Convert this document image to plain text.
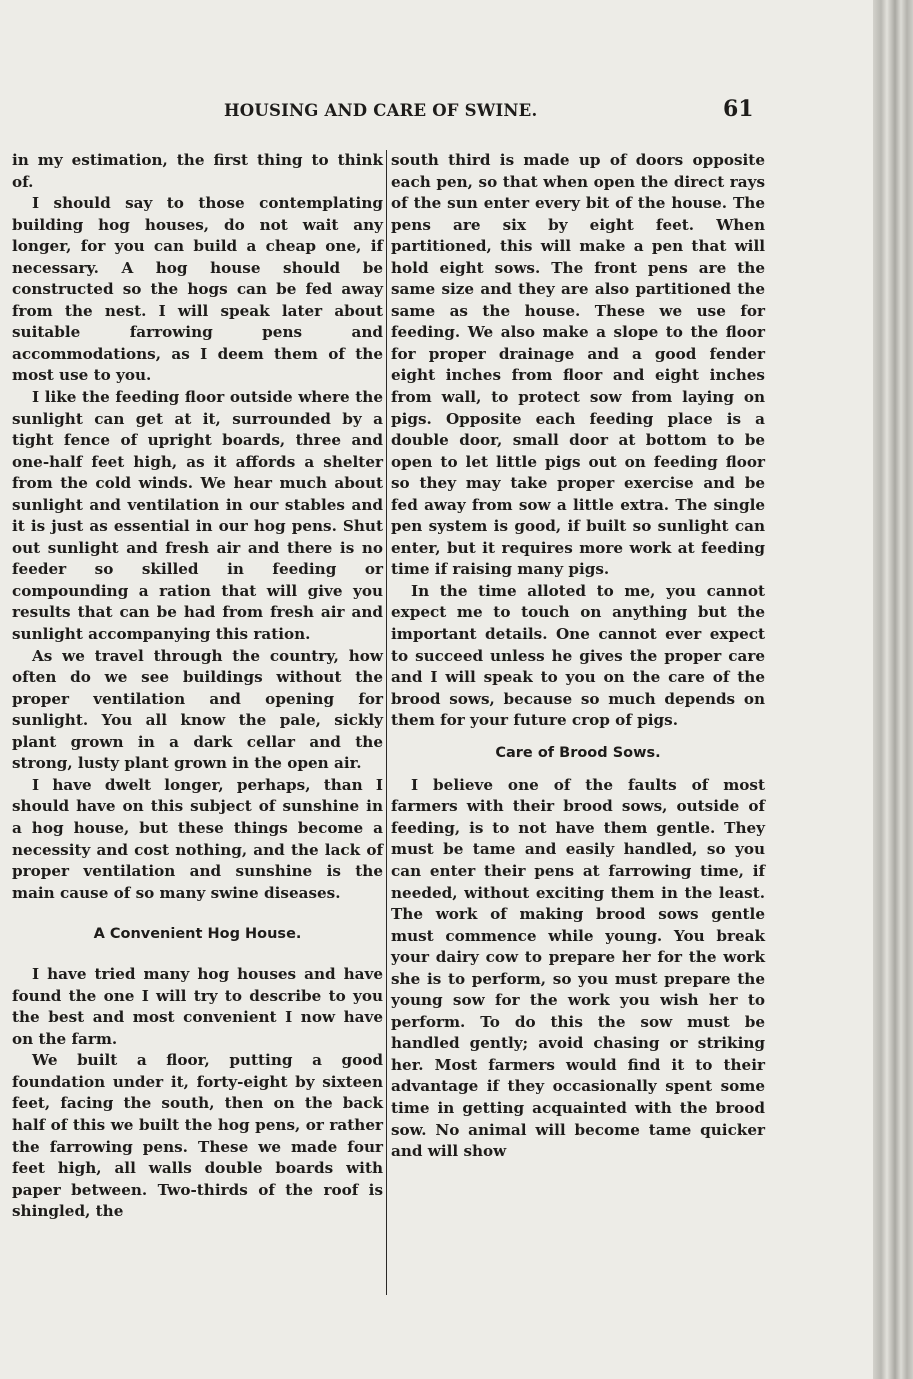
HOUSING AND CARE OF SWINE.	61

in my estimation, the first thing to think of.

I should say to those contemplating building hog houses, do not wait any longer, for you can build a cheap one, if necessary. A hog house should be constructed so the hogs can be fed away from the nest. I will speak later about suitable farrowing pens and accommodations, as I deem them of the most use to you.

I like the feeding floor outside where the sunlight can get at it, surrounded by a tight fence of upright boards, three and one-half feet high, as it affords a shelter from the cold winds. We hear much about sunlight and ventilation in our stables and it is just as essential in our hog pens. Shut out sunlight and fresh air and there is no feeder so skilled in feeding or compounding a ration that will give you results that can be had from fresh air and sunlight accompanying this ration.

As we travel through the country, how often do we see buildings without the proper ventilation and opening for sunlight. You all know the pale, sickly plant grown in a dark cellar and the strong, lusty plant grown in the open air.

I have dwelt longer, perhaps, than I should have on this subject of sunshine in a hog house, but these things become a necessity and cost nothing, and the lack of proper ventilation and sunshine is the main cause of so many swine diseases.

A Convenient Hog House.

I have tried many hog houses and have found the one I will try to describe to you the best and most convenient I now have on the farm.

We built a floor, putting a good foundation under it, forty-eight by sixteen feet, facing the south, then on the back half of this we built the hog pens, or rather the farrowing pens. These we made four feet high, all walls double boards with paper between. Two-thirds of the roof is shingled, the

south third is made up of doors opposite each pen, so that when open the direct rays of the sun enter every bit of the house. The pens are six by eight feet. When partitioned, this will make a pen that will hold eight sows. The front pens are the same size and they are also partitioned the same as the house. These we use for feeding. We also make a slope to the floor for proper drainage and a good fender eight inches from floor and eight inches from wall, to protect sow from laying on pigs. Opposite each feeding place is a double door, small door at bottom to be open to let little pigs out on feeding floor so they may take proper exercise and be fed away from sow a little extra. The single pen system is good, if built so sunlight can enter, but it requires more work at feeding time if raising many pigs.

In the time alloted to me, you cannot expect me to touch on anything but the important details. One cannot ever expect to succeed unless he gives the proper care and I will speak to you on the care of the brood sows, because so much depends on them for your future crop of pigs.

Care of Brood Sows.

I believe one of the faults of most farmers with their brood sows, outside of feeding, is to not have them gentle. They must be tame and easily handled, so you can enter their pens at farrowing time, if needed, without exciting them in the least. The work of making brood sows gentle must commence while young. You break your dairy cow to prepare her for the work she is to perform, so you must prepare the young sow for the work you wish her to perform. To do this the sow must be handled gently; avoid chasing or striking her. Most farmers would find it to their advantage if they occasionally spent some time in getting acquainted with the brood sow. No animal will become tame quicker and will show
